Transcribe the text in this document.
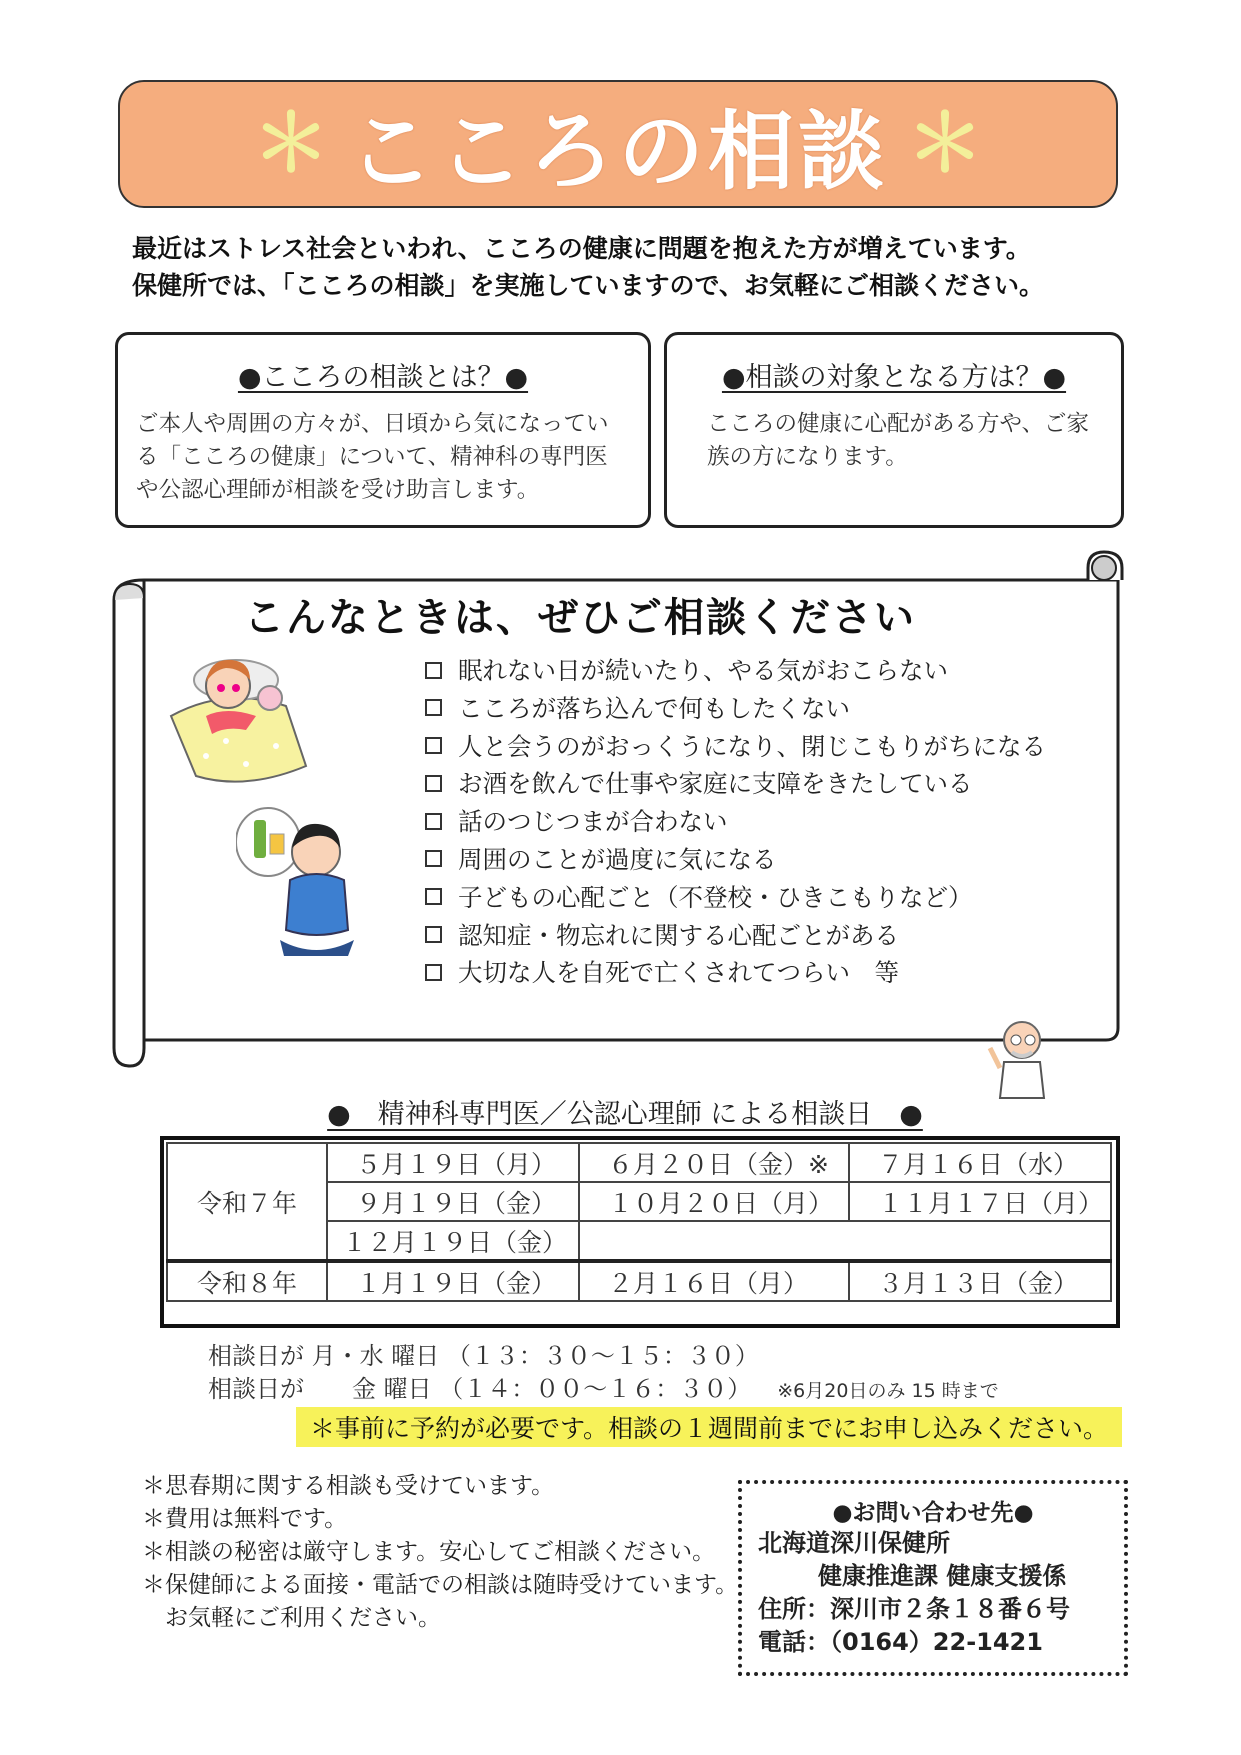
＊ こころの相談 ＊
最近はストレス社会といわれ、こころの健康に問題を抱えた方が増えています。
保健所では、「こころの相談」を実施していますので、お気軽にご相談ください。
●こころの相談とは？●
ご本人や周囲の方々が、日頃から気になっている「こころの健康」について、精神科の専門医や公認心理師が相談を受け助言します。
●相談の対象となる方は？●
こころの健康に心配がある方や、ご家族の方になります。
こんなときは、ぜひご相談ください
眠れない日が続いたり、やる気がおこらない
こころが落ち込んで何もしたくない
人と会うのがおっくうになり、閉じこもりがちになる
お酒を飲んで仕事や家庭に支障をきたしている
話のつじつまが合わない
周囲のことが過度に気になる
子どもの心配ごと（不登校・ひきこもりなど）
認知症・物忘れに関する心配ごとがある
大切な人を自死で亡くされてつらい　等
●　精神科専門医／公認心理師 による相談日　●
令和７年	５月１９日（月）	６月２０日（金）※	７月１６日（水）
	９月１９日（金）	１０月２０日（月）	１１月１７日（月）
	１２月１９日（金）		
令和８年	１月１９日（金）	２月１６日（月）	３月１３日（金）
相談日が 月・水 曜日 （１３：３０～１５：３０）
相談日が　　金 曜日 （１４：００～１６：３０） ※6月20日のみ 15 時まで
＊事前に予約が必要です。相談の１週間前までにお申し込みください。
＊思春期に関する相談も受けています。
＊費用は無料です。
＊相談の秘密は厳守します。安心してご相談ください。
＊保健師による面接・電話での相談は随時受けています。
　お気軽にご利用ください。
●お問い合わせ先●
北海道深川保健所
健康推進課 健康支援係
住所：深川市２条１８番６号
電話：（0164）22-1421
